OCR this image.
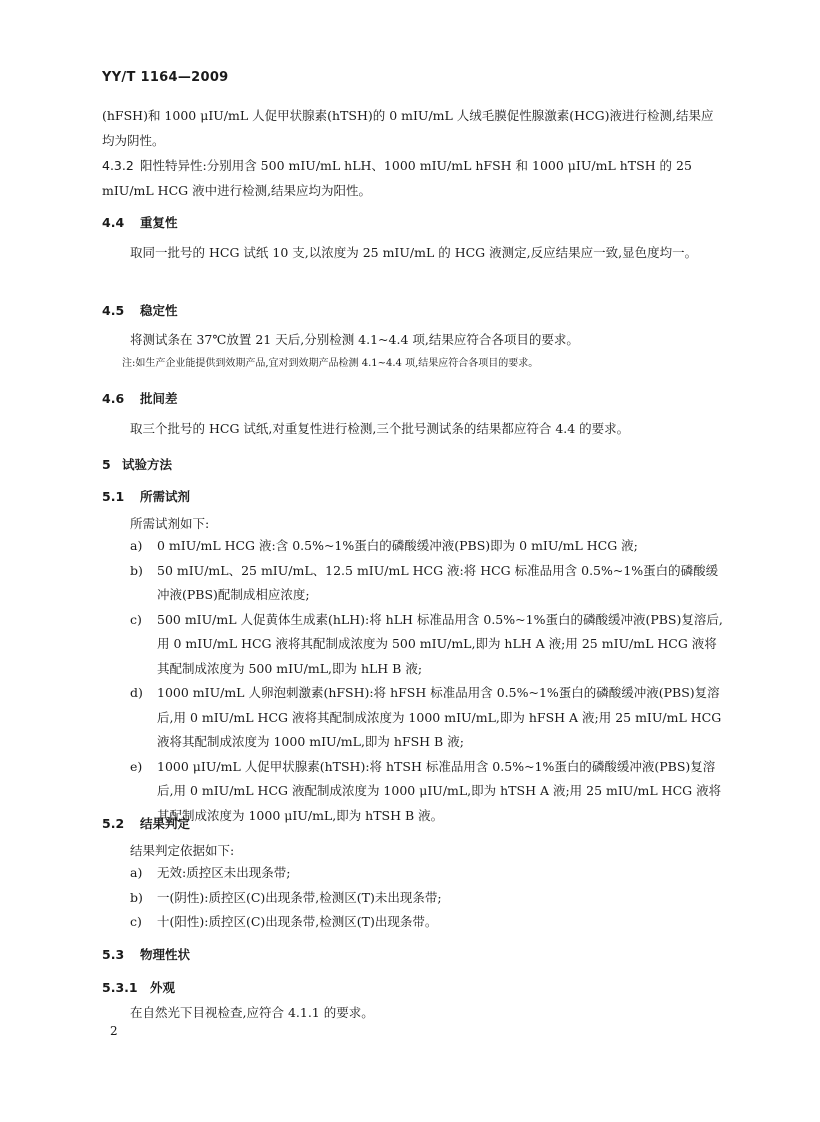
YY/T 1164—2009
(hFSH)和 1000 μIU/mL 人促甲状腺素(hTSH)的 0 mIU/mL 人绒毛膜促性腺激素(HCG)液进行检测,结果应均为阴性。
4.3.2 阳性特异性:分别用含 500 mIU/mL hLH、1000 mIU/mL hFSH 和 1000 μIU/mL hTSH 的 25 mIU/mL HCG 液中进行检测,结果应均为阳性。
4.4 重复性
取同一批号的 HCG 试纸 10 支,以浓度为 25 mIU/mL 的 HCG 液测定,反应结果应一致,显色度均一。
4.5 稳定性
将测试条在 37℃放置 21 天后,分别检测 4.1~4.4 项,结果应符合各项目的要求。
注:如生产企业能提供到效期产品,宜对到效期产品检测 4.1~4.4 项,结果应符合各项目的要求。
4.6 批间差
取三个批号的 HCG 试纸,对重复性进行检测,三个批号测试条的结果都应符合 4.4 的要求。
5 试验方法
5.1 所需试剂
所需试剂如下:
a)	0 mIU/mL HCG 液:含 0.5%~1%蛋白的磷酸缓冲液(PBS)即为 0 mIU/mL HCG 液;
b)	50 mIU/mL、25 mIU/mL、12.5 mIU/mL HCG 液:将 HCG 标准品用含 0.5%~1%蛋白的磷酸缓冲液(PBS)配制成相应浓度;
c)	500 mIU/mL 人促黄体生成素(hLH):将 hLH 标准品用含 0.5%~1%蛋白的磷酸缓冲液(PBS)复溶后,用 0 mIU/mL HCG 液将其配制成浓度为 500 mIU/mL,即为 hLH A 液;用 25 mIU/mL HCG 液将其配制成浓度为 500 mIU/mL,即为 hLH B 液;
d)	1000 mIU/mL 人卵泡刺激素(hFSH):将 hFSH 标准品用含 0.5%~1%蛋白的磷酸缓冲液(PBS)复溶后,用 0 mIU/mL HCG 液将其配制成浓度为 1000 mIU/mL,即为 hFSH A 液;用 25 mIU/mL HCG 液将其配制成浓度为 1000 mIU/mL,即为 hFSH B 液;
e)	1000 μIU/mL 人促甲状腺素(hTSH):将 hTSH 标准品用含 0.5%~1%蛋白的磷酸缓冲液(PBS)复溶后,用 0 mIU/mL HCG 液配制成浓度为 1000 μIU/mL,即为 hTSH A 液;用 25 mIU/mL HCG 液将其配制成浓度为 1000 μIU/mL,即为 hTSH B 液。
5.2 结果判定
结果判定依据如下:
a)	无效:质控区未出现条带;
b)	一(阴性):质控区(C)出现条带,检测区(T)未出现条带;
c)	十(阳性):质控区(C)出现条带,检测区(T)出现条带。
5.3 物理性状
5.3.1 外观
在自然光下目视检查,应符合 4.1.1 的要求。
2
